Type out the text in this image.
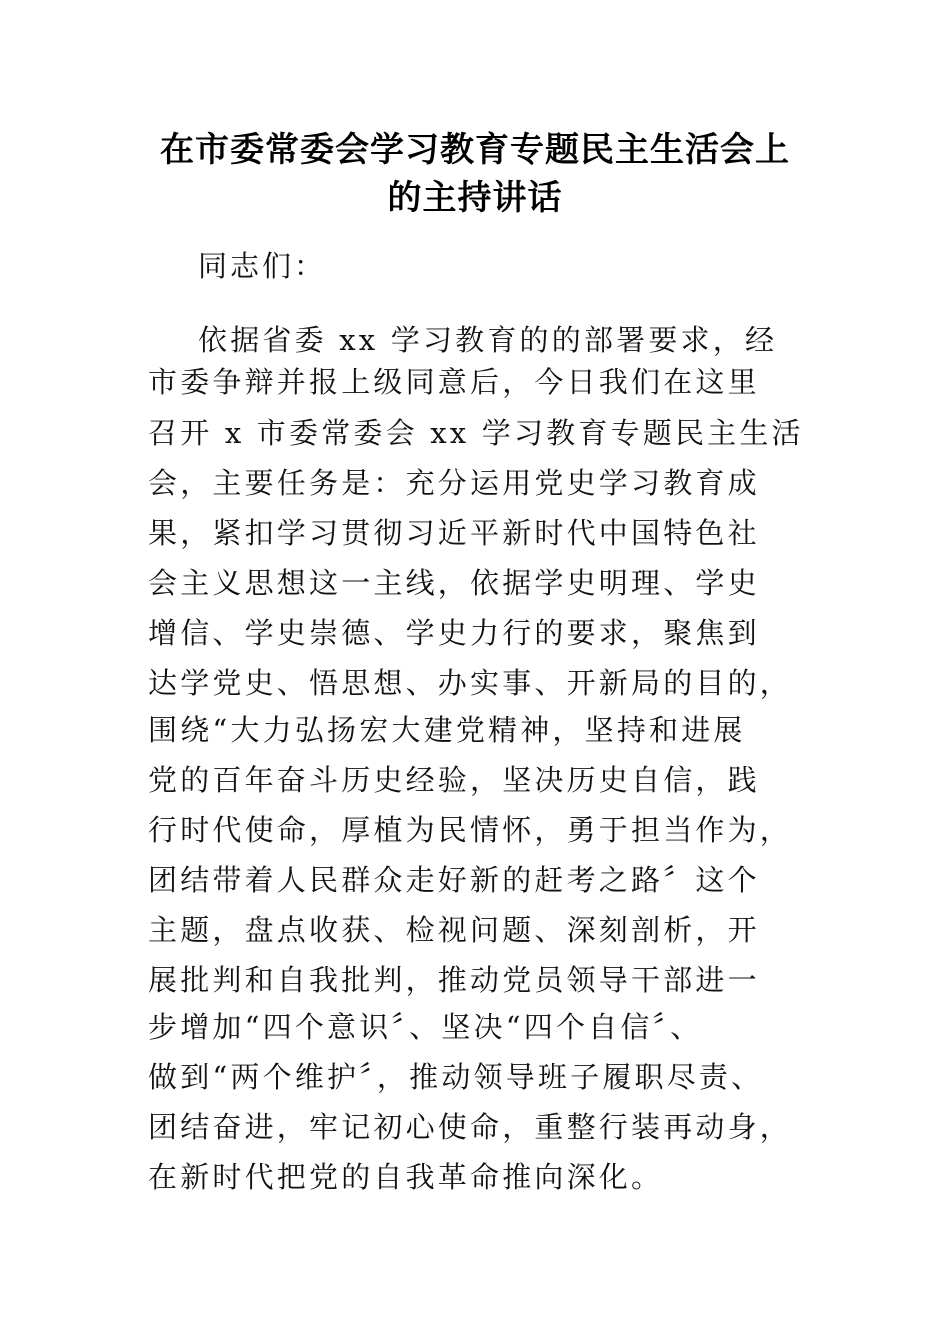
在市委常委会学习教育专题民主生活会上
的主持讲话

同志们：

依据省委 xx 学习教育的的部署要求，经

市委争辩并报上级同意后，今日我们在这里

召开 x 市委常委会 xx 学习教育专题民主生活

会，主要任务是：充分运用党史学习教育成

果，紧扣学习贯彻习近平新时代中国特色社

会主义思想这一主线，依据学史明理、学史

增信、学史崇德、学史力行的要求，聚焦到

达学党史、悟思想、办实事、开新局的目的，

围绕“大力弘扬宏大建党精神，坚持和进展

党的百年奋斗历史经验，坚决历史自信，践

行时代使命，厚植为民情怀，勇于担当作为，

团结带着人民群众走好新的赶考之路〞这个

主题，盘点收获、检视问题、深刻剖析，开

展批判和自我批判，推动党员领导干部进一

步增加“四个意识〞、坚决“四个自信〞、

做到“两个维护〞，推动领导班子履职尽责、

团结奋进，牢记初心使命，重整行装再动身，

在新时代把党的自我革命推向深化。
